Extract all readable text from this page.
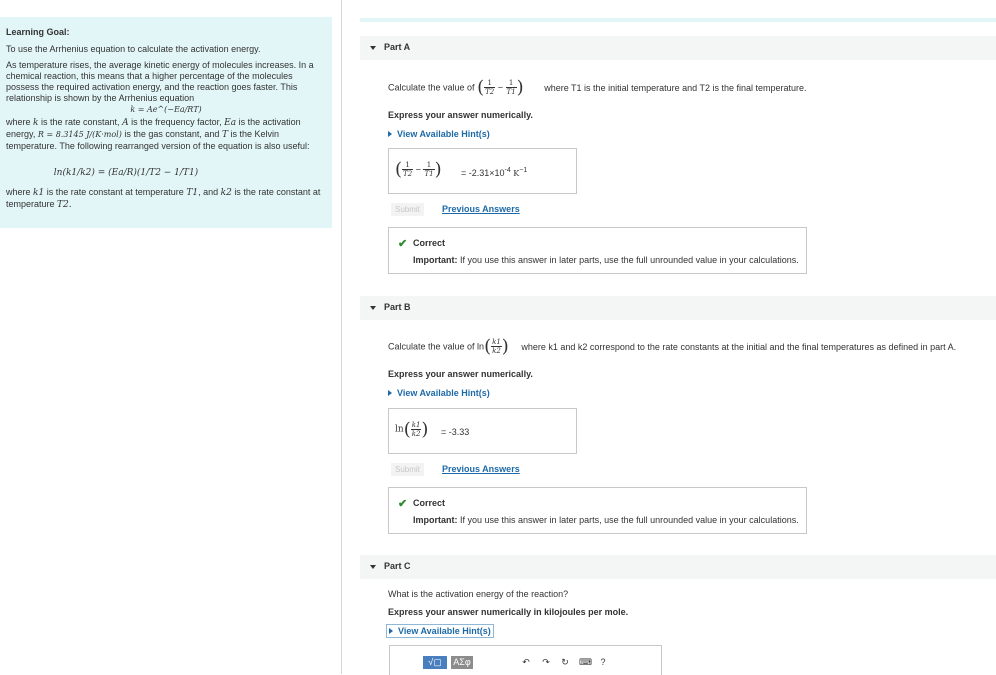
Learning Goal:

To use the Arrhenius equation to calculate the activation energy.

As temperature rises, the average kinetic energy of molecules increases. In a chemical reaction, this means that a higher percentage of the molecules possess the required activation energy, and the reaction goes faster. This relationship is shown by the Arrhenius equation

k = Ae^(−Ea/RT)

where k is the rate constant, A is the frequency factor, Ea is the activation energy, R = 8.3145 J/(K·mol) is the gas constant, and T is the Kelvin temperature. The following rearranged version of the equation is also useful:

ln(k1/k2) = (Ea/R)(1/T2 − 1/T1)

where k1 is the rate constant at temperature T1, and k2 is the rate constant at temperature T2.

Part A
Calculate the value of ( $\frac{1}{T2} - \frac{1}{T1}$ ) where T1 is the initial temperature and T2 is the final temperature.
Express your answer numerically.
View Available Hint(s)
( $\frac{1}{T2} - \frac{1}{T1}$ ) = $-2.31\times 10^{-4}$ $K^{-1}$
Submit	Previous Answers
✔ Correct
Important: If you use this answer in later parts, use the full unrounded value in your calculations.
Part B
Calculate the value of $\ln( \frac{k1}{k2}$ ) where k1 and k2 correspond to the rate constants at the initial and the final temperatures as defined in part A.
Express your answer numerically.
View Available Hint(s)
$\ln( \frac{k1}{k2}$ ) = -3.33
Submit	Previous Answers
✔ Correct
Important: If you use this answer in later parts, use the full unrounded value in your calculations.
Part C
What is the activation energy of the reaction?
Express your answer numerically in kilojoules per mole.
View Available Hint(s)
√▢	ΑΣφ	↶ ↷ ↻ ⌨ ?
